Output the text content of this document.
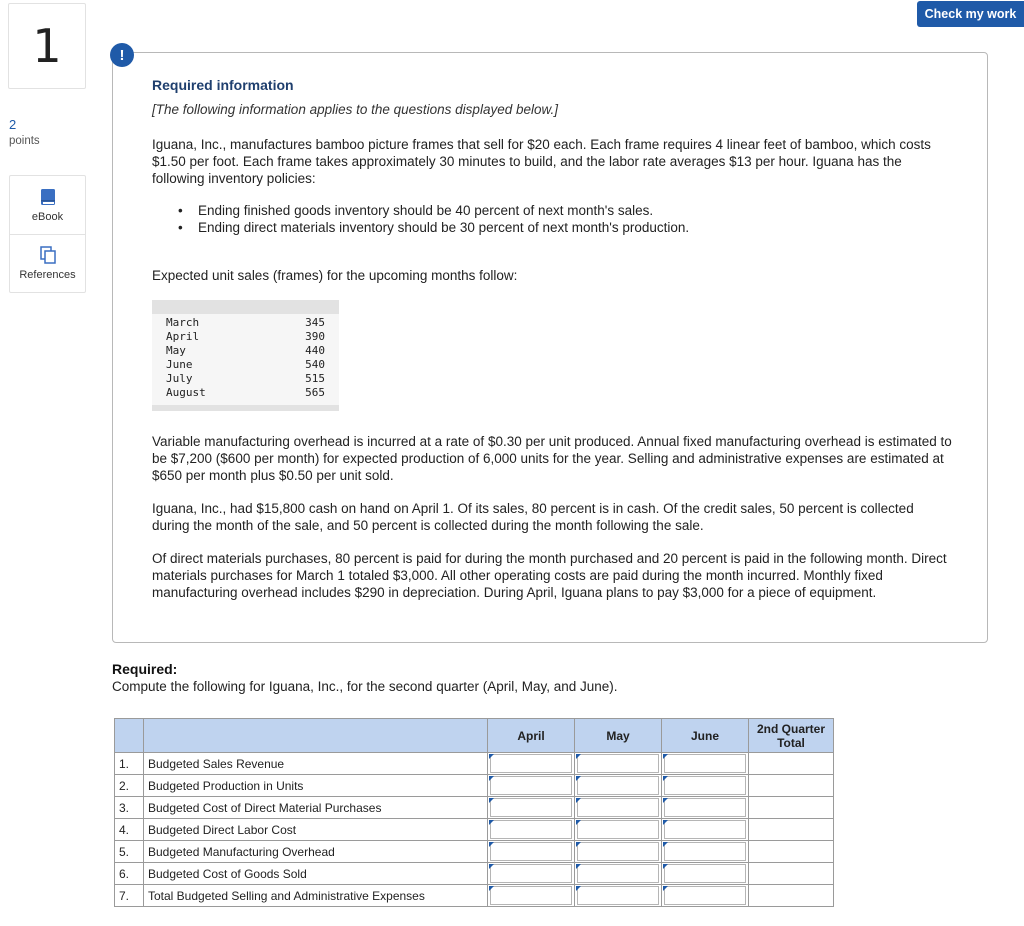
1
2
points
eBook
References
Check my work
Required information
[The following information applies to the questions displayed below.]
Iguana, Inc., manufactures bamboo picture frames that sell for $20 each. Each frame requires 4 linear feet of bamboo, which costs $1.50 per foot. Each frame takes approximately 30 minutes to build, and the labor rate averages $13 per hour. Iguana has the following inventory policies:
• Ending finished goods inventory should be 40 percent of next month's sales.
• Ending direct materials inventory should be 30 percent of next month's production.
Expected unit sales (frames) for the upcoming months follow:
March	345
April	390
May	440
June	540
July	515
August	565
Variable manufacturing overhead is incurred at a rate of $0.30 per unit produced. Annual fixed manufacturing overhead is estimated to be $7,200 ($600 per month) for expected production of 6,000 units for the year. Selling and administrative expenses are estimated at $650 per month plus $0.50 per unit sold.
Iguana, Inc., had $15,800 cash on hand on April 1. Of its sales, 80 percent is in cash. Of the credit sales, 50 percent is collected during the month of the sale, and 50 percent is collected during the month following the sale.
Of direct materials purchases, 80 percent is paid for during the month purchased and 20 percent is paid in the following month. Direct materials purchases for March 1 totaled $3,000. All other operating costs are paid during the month incurred. Monthly fixed manufacturing overhead includes $290 in depreciation. During April, Iguana plans to pay $3,000 for a piece of equipment.
!
Required:
Compute the following for Iguana, Inc., for the second quarter (April, May, and June).
		April	May	June	2nd Quarter Total
1.	Budgeted Sales Revenue	

2.	Budgeted Production in Units	

3.	Budgeted Cost of Direct Material Purchases	

4.	Budgeted Direct Labor Cost	

5.	Budgeted Manufacturing Overhead	

6.	Budgeted Cost of Goods Sold	

7.	Total Budgeted Selling and Administrative Expenses	
